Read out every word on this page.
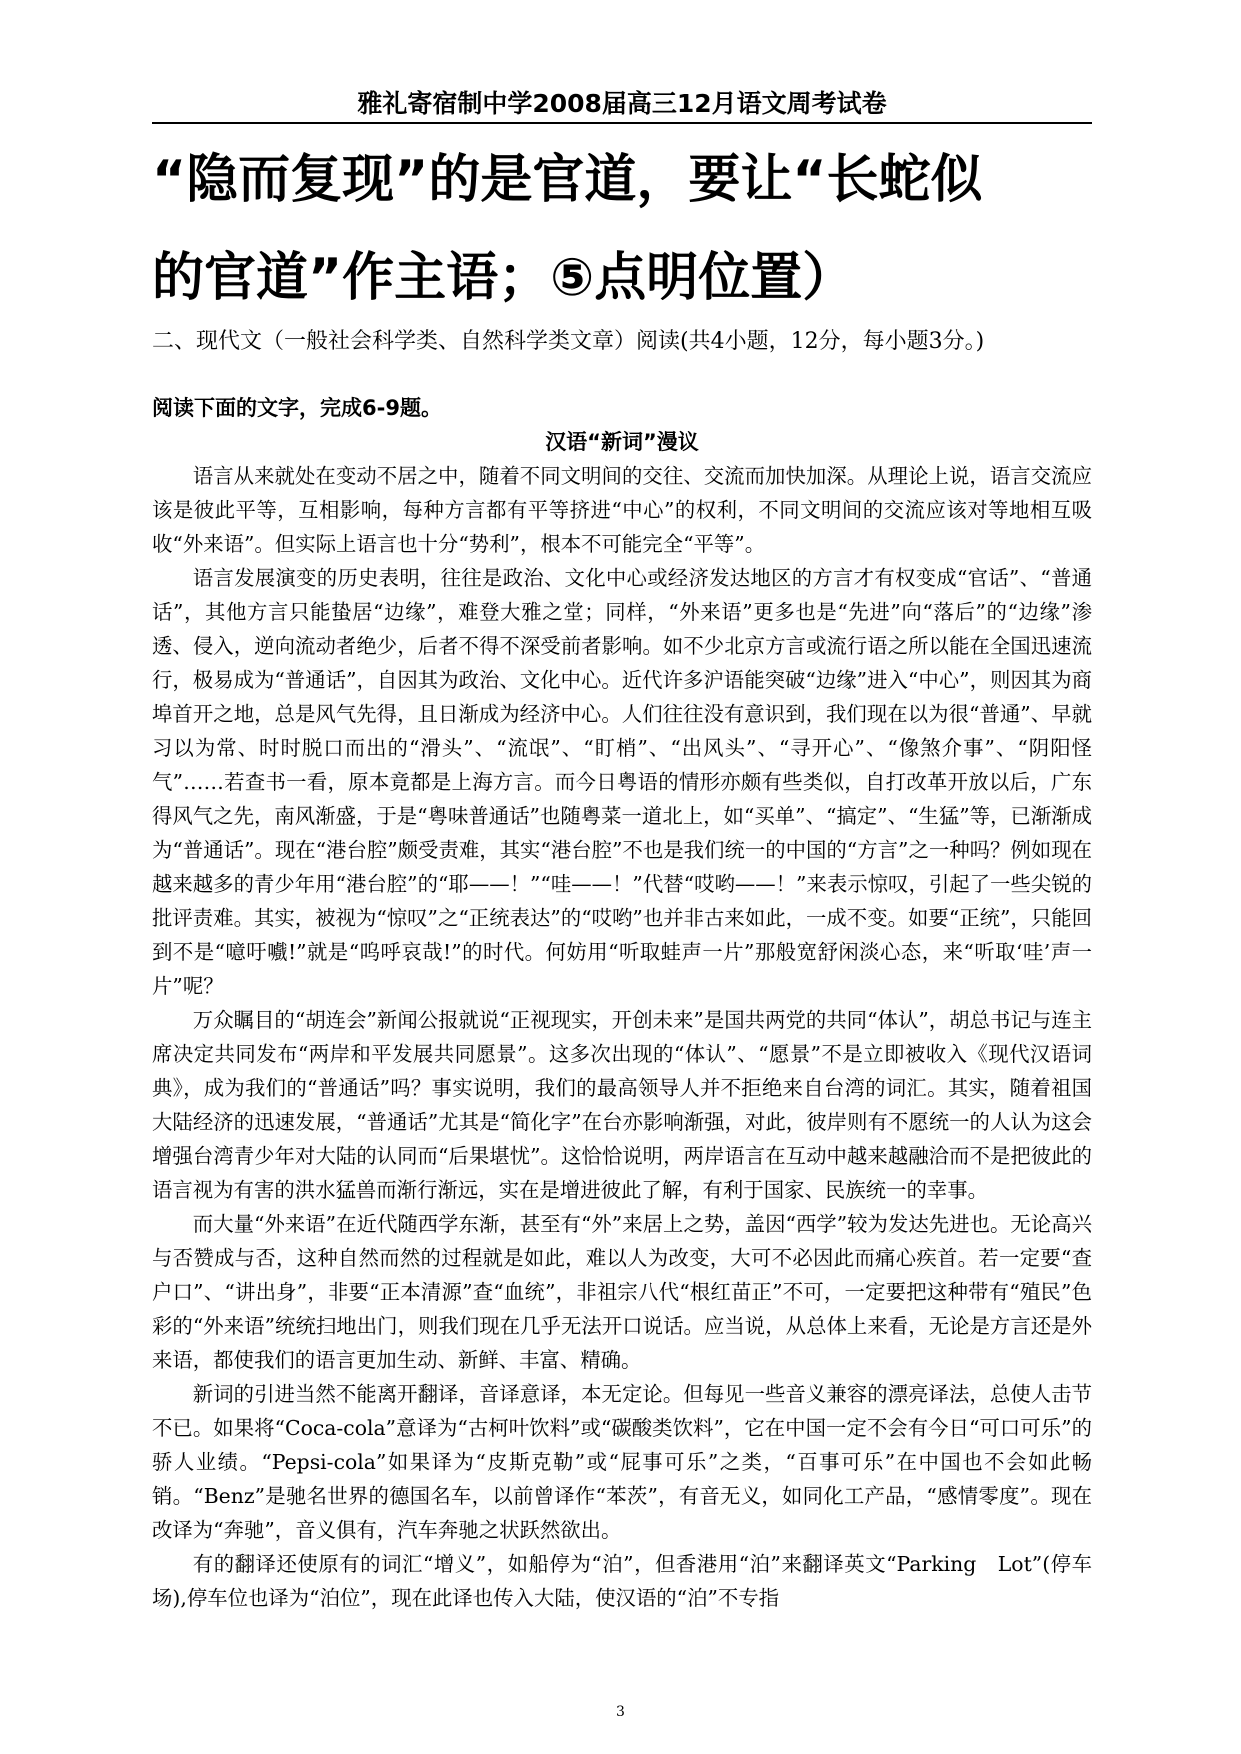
雅礼寄宿制中学2008届高三12月语文周考试卷
“隐而复现”的是官道，要让“长蛇似
的官道”作主语；⑤点明位置）
二、现代文（一般社会科学类、自然科学类文章）阅读(共4小题，12分，每小题3分。)
阅读下面的文字，完成6-9题。
汉语“新词”漫议

语言从来就处在变动不居之中，随着不同文明间的交往、交流而加快加深。从理论上说，语言交流应该是彼此平等，互相影响，每种方言都有平等挤进“中心”的权利，不同文明间的交流应该对等地相互吸收“外来语”。但实际上语言也十分“势利”，根本不可能完全“平等”。

语言发展演变的历史表明，往往是政治、文化中心或经济发达地区的方言才有权变成“官话”、“普通话”，其他方言只能蛰居“边缘”，难登大雅之堂；同样，“外来语”更多也是“先进”向“落后”的“边缘”渗透、侵入，逆向流动者绝少，后者不得不深受前者影响。如不少北京方言或流行语之所以能在全国迅速流行，极易成为“普通话”，自因其为政治、文化中心。近代许多沪语能突破“边缘”进入“中心”，则因其为商埠首开之地，总是风气先得，且日渐成为经济中心。人们往往没有意识到，我们现在以为很“普通”、早就习以为常、时时脱口而出的“滑头”、“流氓”、“盯梢”、“出风头”、“寻开心”、“像煞介事”、“阴阳怪气”……若查书一看，原本竟都是上海方言。而今日粤语的情形亦颇有些类似，自打改革开放以后，广东得风气之先，南风渐盛，于是“粤味普通话”也随粤菜一道北上，如“买单”、“搞定”、“生猛”等，已渐渐成为“普通话”。现在“港台腔”颇受责难，其实“港台腔”不也是我们统一的中国的“方言”之一种吗？例如现在越来越多的青少年用“港台腔”的“耶——！”“哇——！”代替“哎哟——！”来表示惊叹，引起了一些尖锐的批评责难。其实，被视为“惊叹”之“正统表达”的“哎哟”也并非古来如此，一成不变。如要“正统”，只能回到不是“噫吁嚱!”就是“呜呼哀哉!”的时代。何妨用“听取蛙声一片”那般宽舒闲淡心态，来“听取‘哇’声一片”呢？

万众瞩目的“胡连会”新闻公报就说“正视现实，开创未来”是国共两党的共同“体认”，胡总书记与连主席决定共同发布“两岸和平发展共同愿景”。这多次出现的“体认”、“愿景”不是立即被收入《现代汉语词典》，成为我们的“普通话”吗？事实说明，我们的最高领导人并不拒绝来自台湾的词汇。其实，随着祖国大陆经济的迅速发展，“普通话”尤其是“简化字”在台亦影响渐强，对此，彼岸则有不愿统一的人认为这会增强台湾青少年对大陆的认同而“后果堪忧”。这恰恰说明，两岸语言在互动中越来越融洽而不是把彼此的语言视为有害的洪水猛兽而渐行渐远，实在是增进彼此了解，有利于国家、民族统一的幸事。

而大量“外来语”在近代随西学东渐，甚至有“外”来居上之势，盖因“西学”较为发达先进也。无论高兴与否赞成与否，这种自然而然的过程就是如此，难以人为改变，大可不必因此而痛心疾首。若一定要“查户口”、“讲出身”，非要“正本清源”查“血统”，非祖宗八代“根红苗正”不可，一定要把这种带有“殖民”色彩的“外来语”统统扫地出门，则我们现在几乎无法开口说话。应当说，从总体上来看，无论是方言还是外来语，都使我们的语言更加生动、新鲜、丰富、精确。

新词的引进当然不能离开翻译，音译意译，本无定论。但每见一些音义兼容的漂亮译法，总使人击节不已。如果将“Coca-cola”意译为“古柯叶饮料”或“碳酸类饮料”，它在中国一定不会有今日“可口可乐”的骄人业绩。“Pepsi-cola”如果译为“皮斯克勒”或“屁事可乐”之类，“百事可乐”在中国也不会如此畅销。“Benz”是驰名世界的德国名车，以前曾译作“苯茨”，有音无义，如同化工产品，“感情零度”。现在改译为“奔驰”，音义俱有，汽车奔驰之状跃然欲出。

有的翻译还使原有的词汇“增义”，如船停为“泊”，但香港用“泊”来翻译英文“Parking　Lot”(停车场),停车位也译为“泊位”，现在此译也传入大陆，使汉语的“泊”不专指

3
